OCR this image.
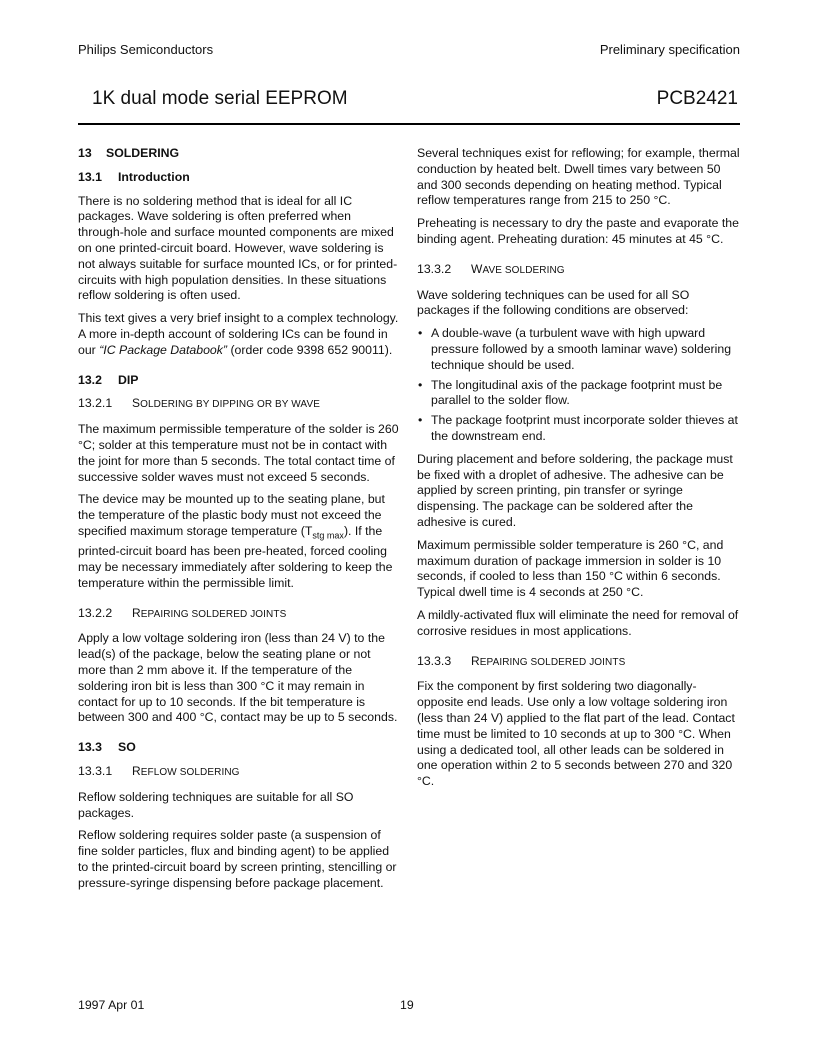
Philips Semiconductors	Preliminary specification
1K dual mode serial EEPROM	PCB2421
13 SOLDERING
13.1 Introduction

There is no soldering method that is ideal for all IC packages. Wave soldering is often preferred when through-hole and surface mounted components are mixed on one printed-circuit board. However, wave soldering is not always suitable for surface mounted ICs, or for printed-circuits with high population densities. In these situations reflow soldering is often used.

This text gives a very brief insight to a complex technology. A more in-depth account of soldering ICs can be found in our “IC Package Databook” (order code 9398 652 90011).

13.2 DIP
13.2.1 SOLDERING BY DIPPING OR BY WAVE

The maximum permissible temperature of the solder is 260 °C; solder at this temperature must not be in contact with the joint for more than 5 seconds. The total contact time of successive solder waves must not exceed 5 seconds.

The device may be mounted up to the seating plane, but the temperature of the plastic body must not exceed the specified maximum storage temperature $(T_{stg max})$. If the printed-circuit board has been pre-heated, forced cooling may be necessary immediately after soldering to keep the temperature within the permissible limit.

13.2.2 REPAIRING SOLDERED JOINTS

Apply a low voltage soldering iron (less than 24 V) to the lead(s) of the package, below the seating plane or not more than 2 mm above it. If the temperature of the soldering iron bit is less than 300 °C it may remain in contact for up to 10 seconds. If the bit temperature is between 300 and 400 °C, contact may be up to 5 seconds.

13.3 SO
13.3.1 REFLOW SOLDERING

Reflow soldering techniques are suitable for all SO packages.

Reflow soldering requires solder paste (a suspension of fine solder particles, flux and binding agent) to be applied to the printed-circuit board by screen printing, stencilling or pressure-syringe dispensing before package placement.

Several techniques exist for reflowing; for example, thermal conduction by heated belt. Dwell times vary between 50 and 300 seconds depending on heating method. Typical reflow temperatures range from 215 to 250 °C.

Preheating is necessary to dry the paste and evaporate the binding agent. Preheating duration: 45 minutes at 45 °C.

13.3.2 WAVE SOLDERING

Wave soldering techniques can be used for all SO packages if the following conditions are observed:

• A double-wave (a turbulent wave with high upward pressure followed by a smooth laminar wave) soldering technique should be used.
• The longitudinal axis of the package footprint must be parallel to the solder flow.
• The package footprint must incorporate solder thieves at the downstream end.

During placement and before soldering, the package must be fixed with a droplet of adhesive. The adhesive can be applied by screen printing, pin transfer or syringe dispensing. The package can be soldered after the adhesive is cured.

Maximum permissible solder temperature is 260 °C, and maximum duration of package immersion in solder is 10 seconds, if cooled to less than 150 °C within 6 seconds. Typical dwell time is 4 seconds at 250 °C.

A mildly-activated flux will eliminate the need for removal of corrosive residues in most applications.

13.3.3 REPAIRING SOLDERED JOINTS

Fix the component by first soldering two diagonally-opposite end leads. Use only a low voltage soldering iron (less than 24 V) applied to the flat part of the lead. Contact time must be limited to 10 seconds at up to 300 °C. When using a dedicated tool, all other leads can be soldered in one operation within 2 to 5 seconds between 270 and 320 °C.

1997 Apr 01	19
